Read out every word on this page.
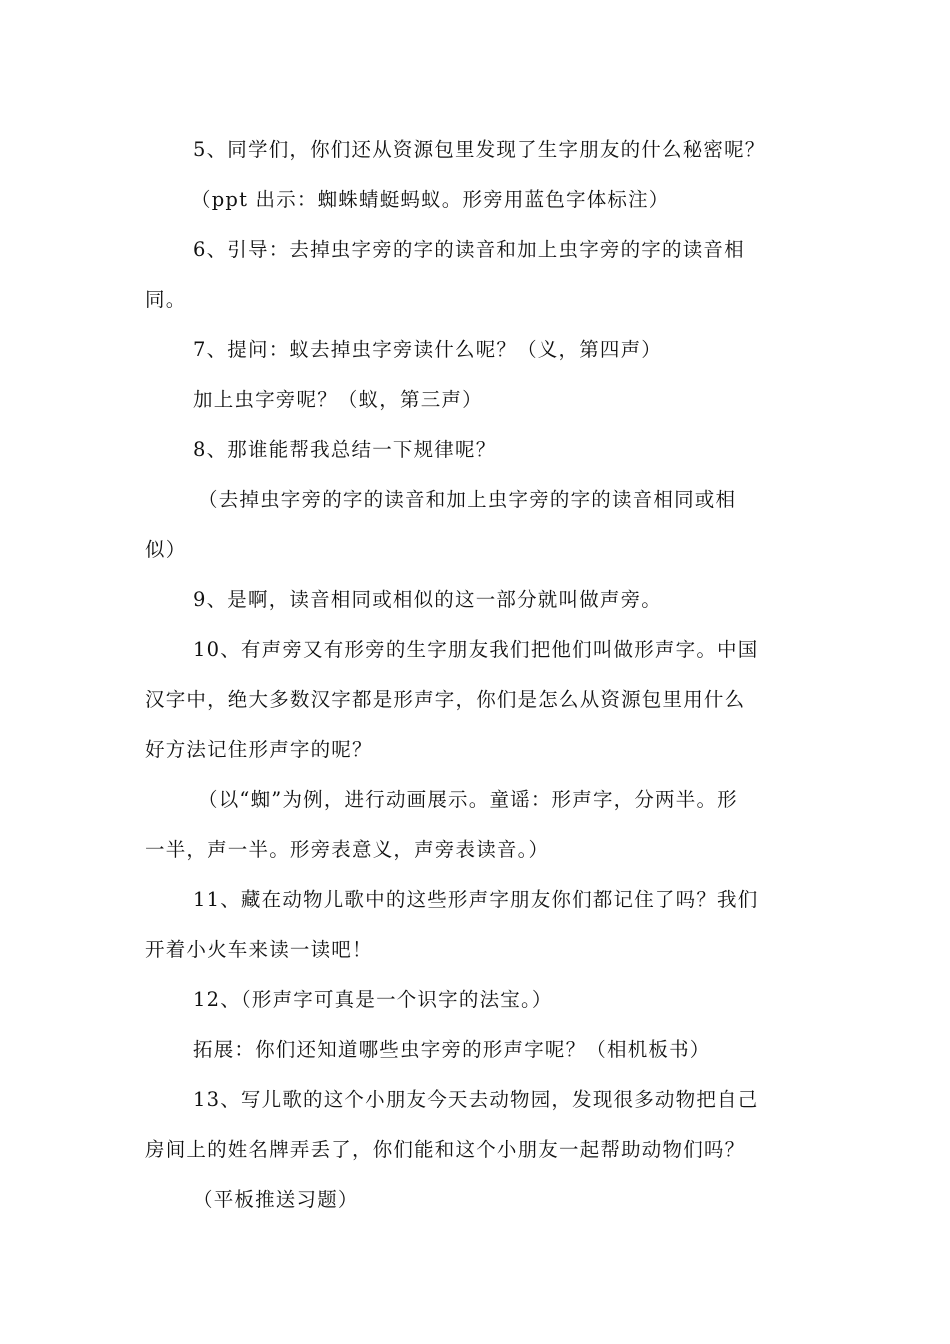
5、同学们，你们还从资源包里发现了生字朋友的什么秘密呢？
（ppt 出示：蜘蛛蜻蜓蚂蚁。形旁用蓝色字体标注）
6、引导：去掉虫字旁的字的读音和加上虫字旁的字的读音相
同。
7、提问：蚁去掉虫字旁读什么呢？（义，第四声）
加上虫字旁呢？（蚁，第三声）
8、那谁能帮我总结一下规律呢？
（去掉虫字旁的字的读音和加上虫字旁的字的读音相同或相
似）
9、是啊，读音相同或相似的这一部分就叫做声旁。
10、有声旁又有形旁的生字朋友我们把他们叫做形声字。中国
汉字中，绝大多数汉字都是形声字，你们是怎么从资源包里用什么
好方法记住形声字的呢？
（以“蜘”为例，进行动画展示。童谣：形声字，分两半。形
一半，声一半。形旁表意义，声旁表读音。）
11、藏在动物儿歌中的这些形声字朋友你们都记住了吗？我们
开着小火车来读一读吧！
12、（形声字可真是一个识字的法宝。）
拓展：你们还知道哪些虫字旁的形声字呢？（相机板书）
13、写儿歌的这个小朋友今天去动物园，发现很多动物把自己
房间上的姓名牌弄丢了，你们能和这个小朋友一起帮助动物们吗？
（平板推送习题）
